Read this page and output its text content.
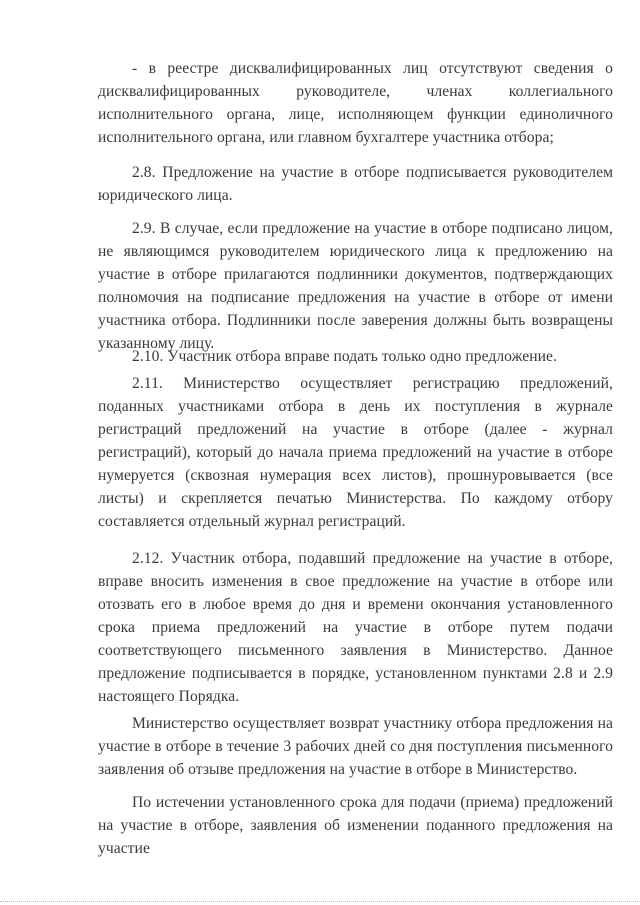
- в реестре дисквалифицированных лиц отсутствуют сведения о дисквалифицированных руководителе, членах коллегиального исполнительного органа, лице, исполняющем функции единоличного исполнительного органа, или главном бухгалтере участника отбора;

2.8. Предложение на участие в отборе подписывается руководителем юридического лица.

2.9. В случае, если предложение на участие в отборе подписано лицом, не являющимся руководителем юридического лица к предложению на участие в отборе прилагаются подлинники документов, подтверждающих полномочия на подписание предложения на участие в отборе от имени участника отбора. Подлинники после заверения должны быть возвращены указанному лицу.

2.10. Участник отбора вправе подать только одно предложение.

2.11. Министерство осуществляет регистрацию предложений, поданных участниками отбора в день их поступления в журнале регистраций предложений на участие в отборе (далее - журнал регистраций), который до начала приема предложений на участие в отборе нумеруется (сквозная нумерация всех листов), прошнуровывается (все листы) и скрепляется печатью Министерства. По каждому отбору составляется отдельный журнал регистраций.

2.12. Участник отбора, подавший предложение на участие в отборе, вправе вносить изменения в свое предложение на участие в отборе или отозвать его в любое время до дня и времени окончания установленного срока приема предложений на участие в отборе путем подачи соответствующего письменного заявления в Министерство. Данное предложение подписывается в порядке, установленном пунктами 2.8 и 2.9 настоящего Порядка.

Министерство осуществляет возврат участнику отбора предложения на участие в отборе в течение 3 рабочих дней со дня поступления письменного заявления об отзыве предложения на участие в отборе в Министерство.

По истечении установленного срока для подачи (приема) предложений на участие в отборе, заявления об изменении поданного предложения на участие
